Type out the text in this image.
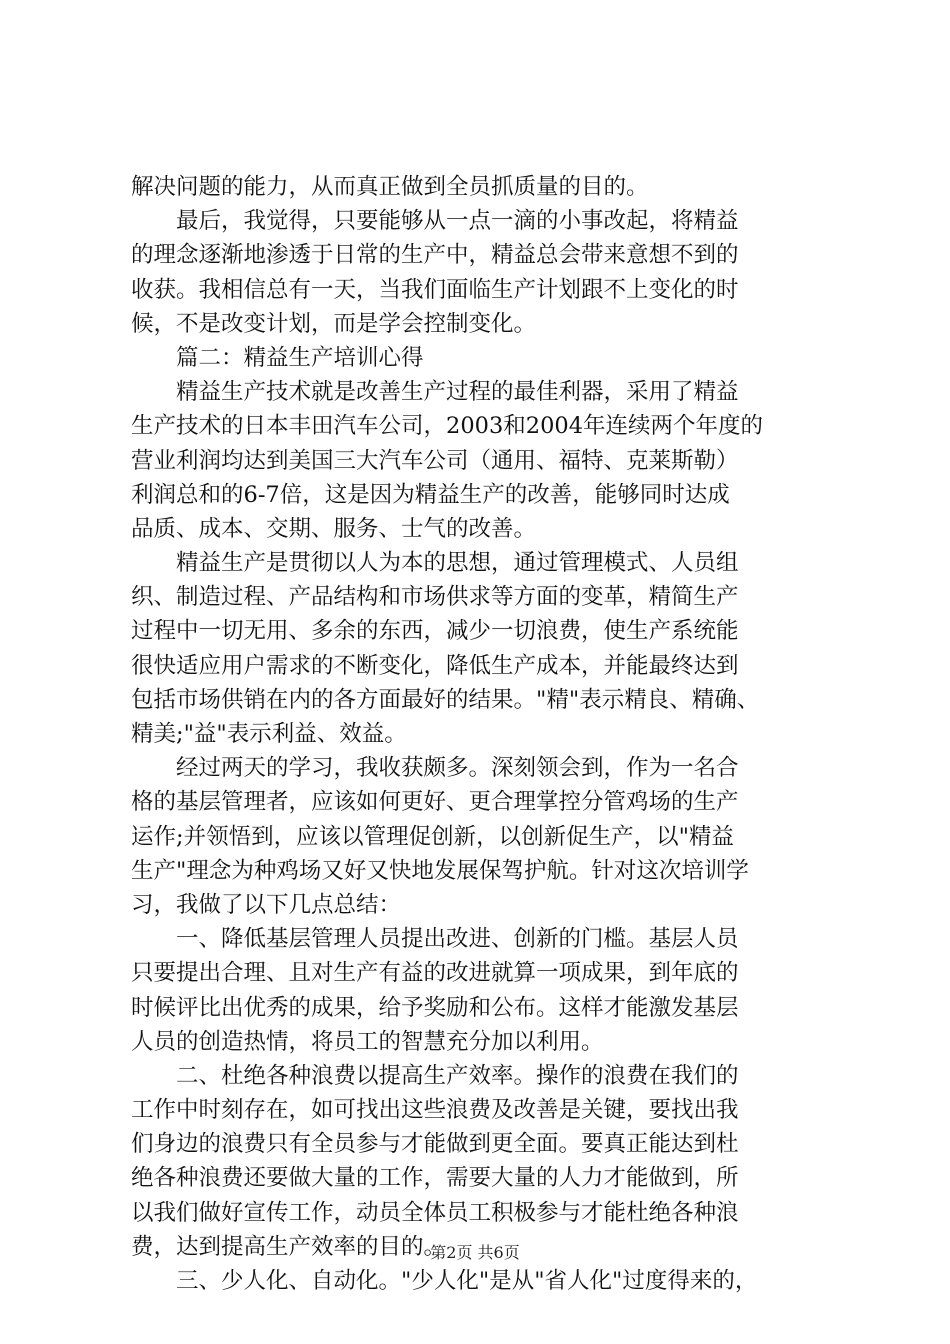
解决问题的能力，从而真正做到全员抓质量的目的。
　　最后，我觉得，只要能够从一点一滴的小事改起，将精益
的理念逐渐地渗透于日常的生产中，精益总会带来意想不到的
收获。我相信总有一天，当我们面临生产计划跟不上变化的时
候，不是改变计划，而是学会控制变化。
　　篇二：精益生产培训心得
　　精益生产技术就是改善生产过程的最佳利器，采用了精益
生产技术的日本丰田汽车公司，2003和2004年连续两个年度的
营业利润均达到美国三大汽车公司（通用、福特、克莱斯勒）
利润总和的6-7倍，这是因为精益生产的改善，能够同时达成
品质、成本、交期、服务、士气的改善。
　　精益生产是贯彻以人为本的思想，通过管理模式、人员组
织、制造过程、产品结构和市场供求等方面的变革，精简生产
过程中一切无用、多余的东西，减少一切浪费，使生产系统能
很快适应用户需求的不断变化，降低生产成本，并能最终达到
包括市场供销在内的各方面最好的结果。"精"表示精良、精确、
精美;"益"表示利益、效益。
　　经过两天的学习，我收获颇多。深刻领会到，作为一名合
格的基层管理者，应该如何更好、更合理掌控分管鸡场的生产
运作;并领悟到，应该以管理促创新，以创新促生产，以"精益
生产"理念为种鸡场又好又快地发展保驾护航。针对这次培训学
习，我做了以下几点总结：
　　一、降低基层管理人员提出改进、创新的门槛。基层人员
只要提出合理、且对生产有益的改进就算一项成果，到年底的
时候评比出优秀的成果，给予奖励和公布。这样才能激发基层
人员的创造热情，将员工的智慧充分加以利用。
　　二、杜绝各种浪费以提高生产效率。操作的浪费在我们的
工作中时刻存在，如可找出这些浪费及改善是关键，要找出我
们身边的浪费只有全员参与才能做到更全面。要真正能达到杜
绝各种浪费还要做大量的工作，需要大量的人力才能做到，所
以我们做好宣传工作，动员全体员工积极参与才能杜绝各种浪
费，达到提高生产效率的目的。
　　三、少人化、自动化。"少人化"是从"省人化"过度得来的，
第2页 共6页
